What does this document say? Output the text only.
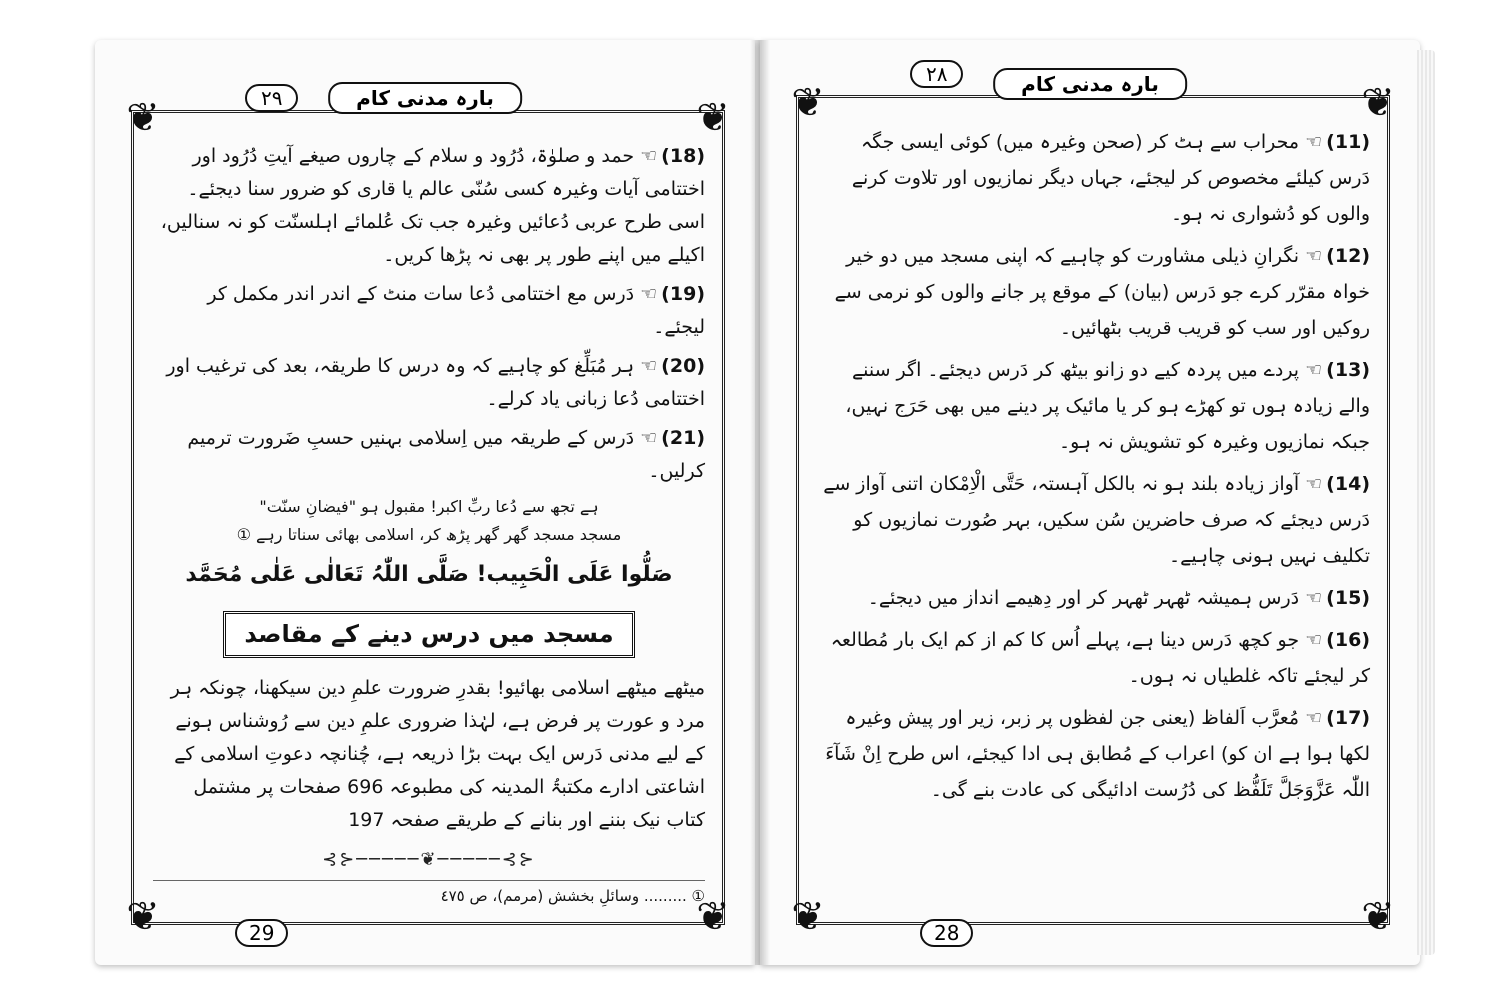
❦	❦
❦	❦
بارہ مدنی کام
٢٩
29

(18)☜ حمد و صلوٰۃ، دُرُود و سلام کے چاروں صیغے آیتِ دُرُود اور اختتامی آیات وغیرہ کسی سُنّی عالم یا قاری کو ضرور سنا دیجئے۔ اسی طرح عربی دُعائیں وغیرہ جب تک عُلمائے اہلسنّت کو نہ سنالیں، اکیلے میں اپنے طور پر بھی نہ پڑھا کریں۔

(19)☜ دَرس مع اختتامی دُعا سات منٹ کے اندر اندر مکمل کر لیجئے۔

(20)☜ ہر مُبَلِّغ کو چاہیے کہ وہ درس کا طریقہ، بعد کی ترغیب اور اختتامی دُعا زبانی یاد کرلے۔

(21)☜ دَرس کے طریقہ میں اِسلامی بہنیں حسبِ ضَرورت ترمیم کرلیں۔

ہے تجھ سے دُعا ربِّ اکبر! مقبول ہو "فیضانِ سنّت"
مسجد مسجد گھر گھر پڑھ کر، اسلامی بھائی سناتا رہے ①
صَلُّوا عَلَی الْحَبِیب! صَلَّی اللّٰہُ تَعَالٰی عَلٰی مُحَمَّد
مسجد میں درس دینے کے مقاصد

میٹھے میٹھے اسلامی بھائیو! بقدرِ ضرورت علمِ دین سیکھنا، چونکہ ہر مرد و عورت پر فرض ہے، لہٰذا ضروری علمِ دین سے رُوشناس ہونے کے لیے مدنی دَرس ایک بہت بڑا ذریعہ ہے، چُنانچہ دعوتِ اسلامی کے اشاعتی ادارے مکتبۃُ المدینہ کی مطبوعہ 696 صفحات پر مشتمل کتاب نیک بننے اور بنانے کے طریقے صفحہ 197

⊰⊱─────❦─────⊰⊱
① ......... وسائلِ بخشش (مرمم)، ص ٤٧٥
❦	❦
❦	❦
بارہ مدنی کام
٢٨
28

(11)☜ محراب سے ہٹ کر (صحن وغیرہ میں) کوئی ایسی جگہ دَرس کیلئے مخصوص کر لیجئے، جہاں دیگر نمازیوں اور تلاوت کرنے والوں کو دُشواری نہ ہو۔

(12)☜ نگرانِ ذیلی مشاورت کو چاہیے کہ اپنی مسجد میں دو خیر خواہ مقرّر کرے جو دَرس (بیان) کے موقع پر جانے والوں کو نرمی سے روکیں اور سب کو قریب قریب بٹھائیں۔

(13)☜ پردے میں پردہ کیے دو زانو بیٹھ کر دَرس دیجئے۔ اگر سننے والے زیادہ ہوں تو کھڑے ہو کر یا مائیک پر دینے میں بھی حَرَج نہیں، جبکہ نمازیوں وغیرہ کو تشویش نہ ہو۔

(14)☜ آواز زیادہ بلند ہو نہ بالکل آہستہ، حَتَّی الْاِمْکان اتنی آواز سے دَرس دیجئے کہ صرف حاضرین سُن سکیں، بہر صُورت نمازیوں کو تکلیف نہیں ہونی چاہیے۔

(15)☜ دَرس ہمیشہ ٹھہر ٹھہر کر اور دِھیمے انداز میں دیجئے۔

(16)☜ جو کچھ دَرس دینا ہے، پہلے اُس کا کم از کم ایک بار مُطالعہ کر لیجئے تاکہ غلطیاں نہ ہوں۔

(17)☜ مُعرَّب اَلفاظ (یعنی جن لفظوں پر زبر، زیر اور پیش وغیرہ لکھا ہوا ہے ان کو) اعراب کے مُطابق ہی ادا کیجئے، اس طرح اِنْ شَآءَ اللّٰہ عَزَّوَجَلَّ تَلَفُّظ کی دُرُست ادائیگی کی عادت بنے گی۔
